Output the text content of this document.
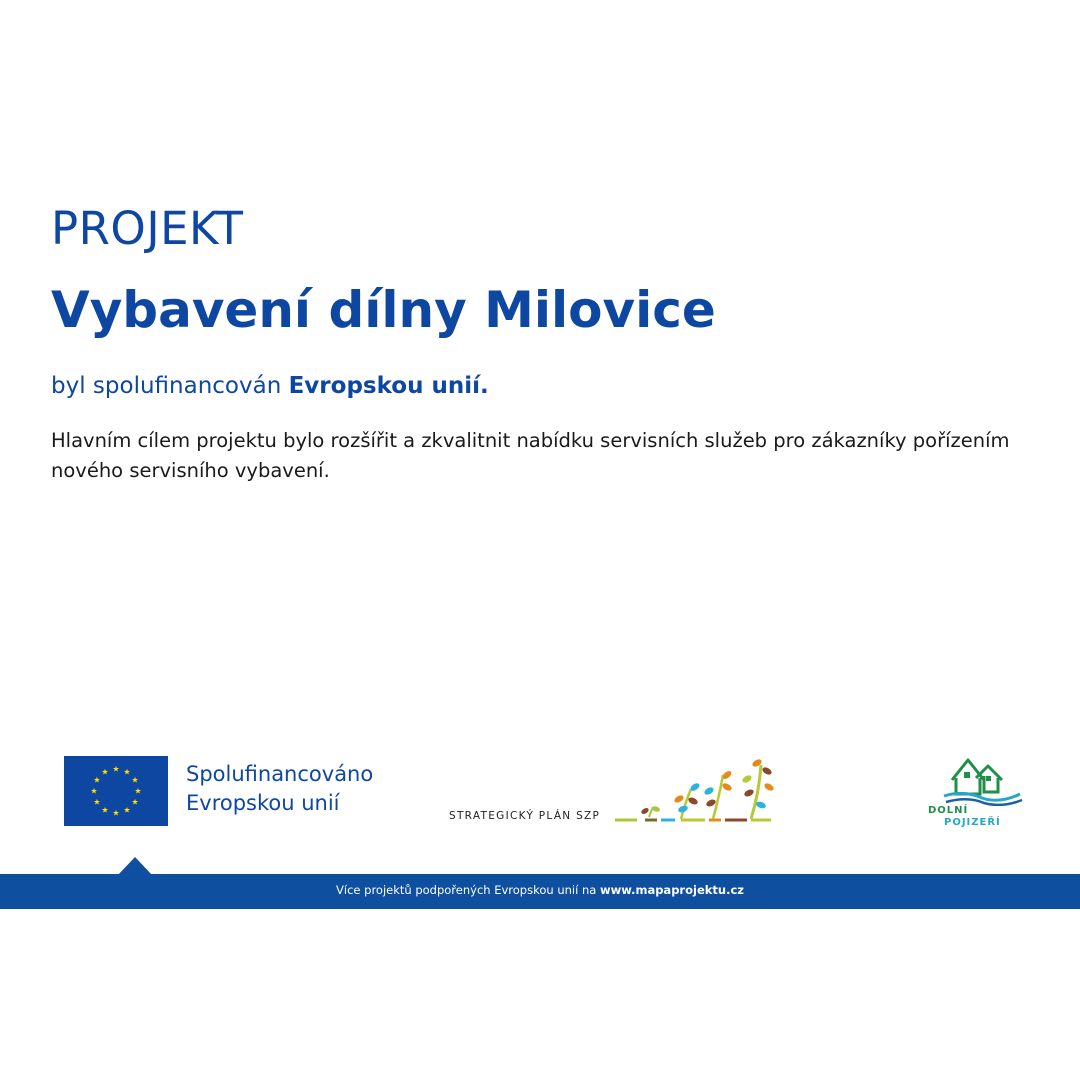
PROJEKT
Vybavení dílny Milovice
byl spolufinancován Evropskou unií.
Hlavním cílem projektu bylo rozšířit a zkvalitnit nabídku servisních služeb pro zákazníky pořízením nového servisního vybavení.
Spolufinancováno
Evropskou unií
STRATEGICKÝ PLÁN SZP	DOLNÍ
POJIZEŘÍ
Více projektů podpořených Evropskou unií na www.mapaprojektu.cz
